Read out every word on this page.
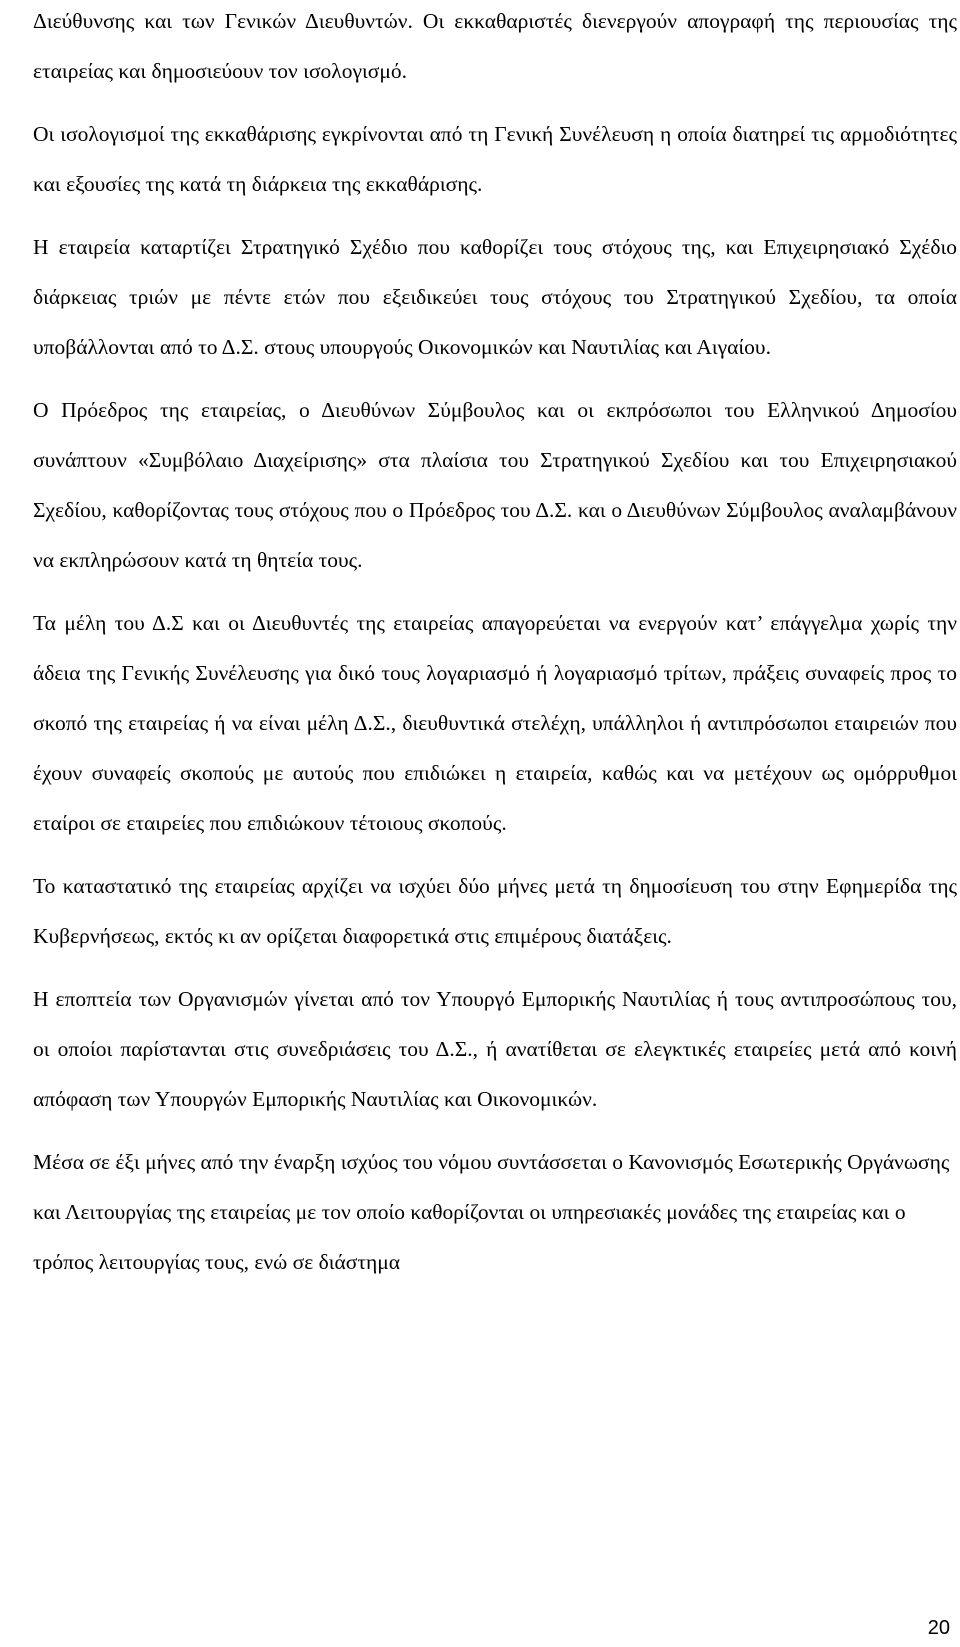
Διεύθυνσης και των Γενικών Διευθυντών. Οι εκκαθαριστές διενεργούν απογραφή της περιουσίας της εταιρείας και δημοσιεύουν τον ισολογισμό.

Οι ισολογισμοί της εκκαθάρισης εγκρίνονται από τη Γενική Συνέλευση η οποία διατηρεί τις αρμοδιότητες και εξουσίες της κατά τη διάρκεια της εκκαθάρισης.

Η εταιρεία καταρτίζει Στρατηγικό Σχέδιο που καθορίζει τους στόχους της, και Επιχειρησιακό Σχέδιο διάρκειας τριών με πέντε ετών που εξειδικεύει τους στόχους του Στρατηγικού Σχεδίου, τα οποία υποβάλλονται από το Δ.Σ. στους υπουργούς Οικονομικών και Ναυτιλίας και Αιγαίου.

Ο Πρόεδρος της εταιρείας, ο Διευθύνων Σύμβουλος και οι εκπρόσωποι του Ελληνικού Δημοσίου συνάπτουν «Συμβόλαιο Διαχείρισης» στα πλαίσια του Στρατηγικού Σχεδίου και του Επιχειρησιακού Σχεδίου, καθορίζοντας τους στόχους που ο Πρόεδρος του Δ.Σ. και ο Διευθύνων Σύμβουλος αναλαμβάνουν να εκπληρώσουν κατά τη θητεία τους.

Τα μέλη του Δ.Σ και οι Διευθυντές της εταιρείας απαγορεύεται να ενεργούν κατ’ επάγγελμα χωρίς την άδεια της Γενικής Συνέλευσης για δικό τους λογαριασμό ή λογαριασμό τρίτων, πράξεις συναφείς προς το σκοπό της εταιρείας ή να είναι μέλη Δ.Σ., διευθυντικά στελέχη, υπάλληλοι ή αντιπρόσωποι εταιρειών που έχουν συναφείς σκοπούς με αυτούς που επιδιώκει η εταιρεία, καθώς και να μετέχουν ως ομόρρυθμοι εταίροι σε εταιρείες που επιδιώκουν τέτοιους σκοπούς.

Το καταστατικό της εταιρείας αρχίζει να ισχύει δύο μήνες μετά τη δημοσίευση του στην Εφημερίδα της Κυβερνήσεως, εκτός κι αν ορίζεται διαφορετικά στις επιμέρους διατάξεις.

Η εποπτεία των Οργανισμών γίνεται από τον Υπουργό Εμπορικής Ναυτιλίας ή τους αντιπροσώπους του, οι οποίοι παρίστανται στις συνεδριάσεις του Δ.Σ., ή ανατίθεται σε ελεγκτικές εταιρείες μετά από κοινή απόφαση των Υπουργών Εμπορικής Ναυτιλίας και Οικονομικών.

Μέσα σε έξι μήνες από την έναρξη ισχύος του νόμου συντάσσεται ο Κανονισμός Εσωτερικής Οργάνωσης και Λειτουργίας της εταιρείας με τον οποίο καθορίζονται οι υπηρεσιακές μονάδες της εταιρείας και ο τρόπος λειτουργίας τους, ενώ σε διάστημα

20
